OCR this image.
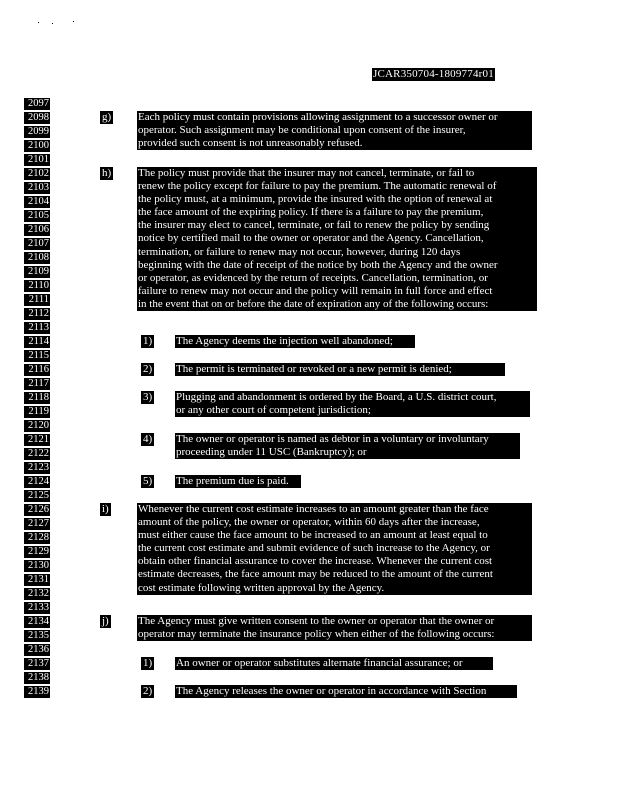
JCAR350704-1809774r01
2097
2098
2099
2100
2101
2102
2103
2104
2105
2106
2107
2108
2109
2110
2111
2112
2113
2114
2115
2116
2117
2118
2119
2120
2121
2122
2123
2124
2125
2126
2127
2128
2129
2130
2131
2132
2133
2134
2135
2136
2137
2138
2139
g) Each policy must contain provisions allowing assignment to a successor owner or
operator. Such assignment may be conditional upon consent of the insurer,
provided such consent is not unreasonably refused.
h) The policy must provide that the insurer may not cancel, terminate, or fail to
renew the policy except for failure to pay the premium. The automatic renewal of
the policy must, at a minimum, provide the insured with the option of renewal at
the face amount of the expiring policy. If there is a failure to pay the premium,
the insurer may elect to cancel, terminate, or fail to renew the policy by sending
notice by certified mail to the owner or operator and the Agency. Cancellation,
termination, or failure to renew may not occur, however, during 120 days
beginning with the date of receipt of the notice by both the Agency and the owner
or operator, as evidenced by the return of receipts. Cancellation, termination, or
failure to renew may not occur and the policy will remain in full force and effect
in the event that on or before the date of expiration any of the following occurs:
1) The Agency deems the injection well abandoned;
2) The permit is terminated or revoked or a new permit is denied;
3) Plugging and abandonment is ordered by the Board, a U.S. district court,
or any other court of competent jurisdiction;
4) The owner or operator is named as debtor in a voluntary or involuntary
proceeding under 11 USC (Bankruptcy); or
5) The premium due is paid.
i)	Whenever the current cost estimate increases to an amount greater than the face
amount of the policy, the owner or operator, within 60 days after the increase,
must either cause the face amount to be increased to an amount at least equal to
the current cost estimate and submit evidence of such increase to the Agency, or
obtain other financial assurance to cover the increase. Whenever the current cost
estimate decreases, the face amount may be reduced to the amount of the current
cost estimate following written approval by the Agency.
j)	The Agency must give written consent to the owner or operator that the owner or
operator may terminate the insurance policy when either of the following occurs:
1) An owner or operator substitutes alternate financial assurance; or
2) The Agency releases the owner or operator in accordance with Section
